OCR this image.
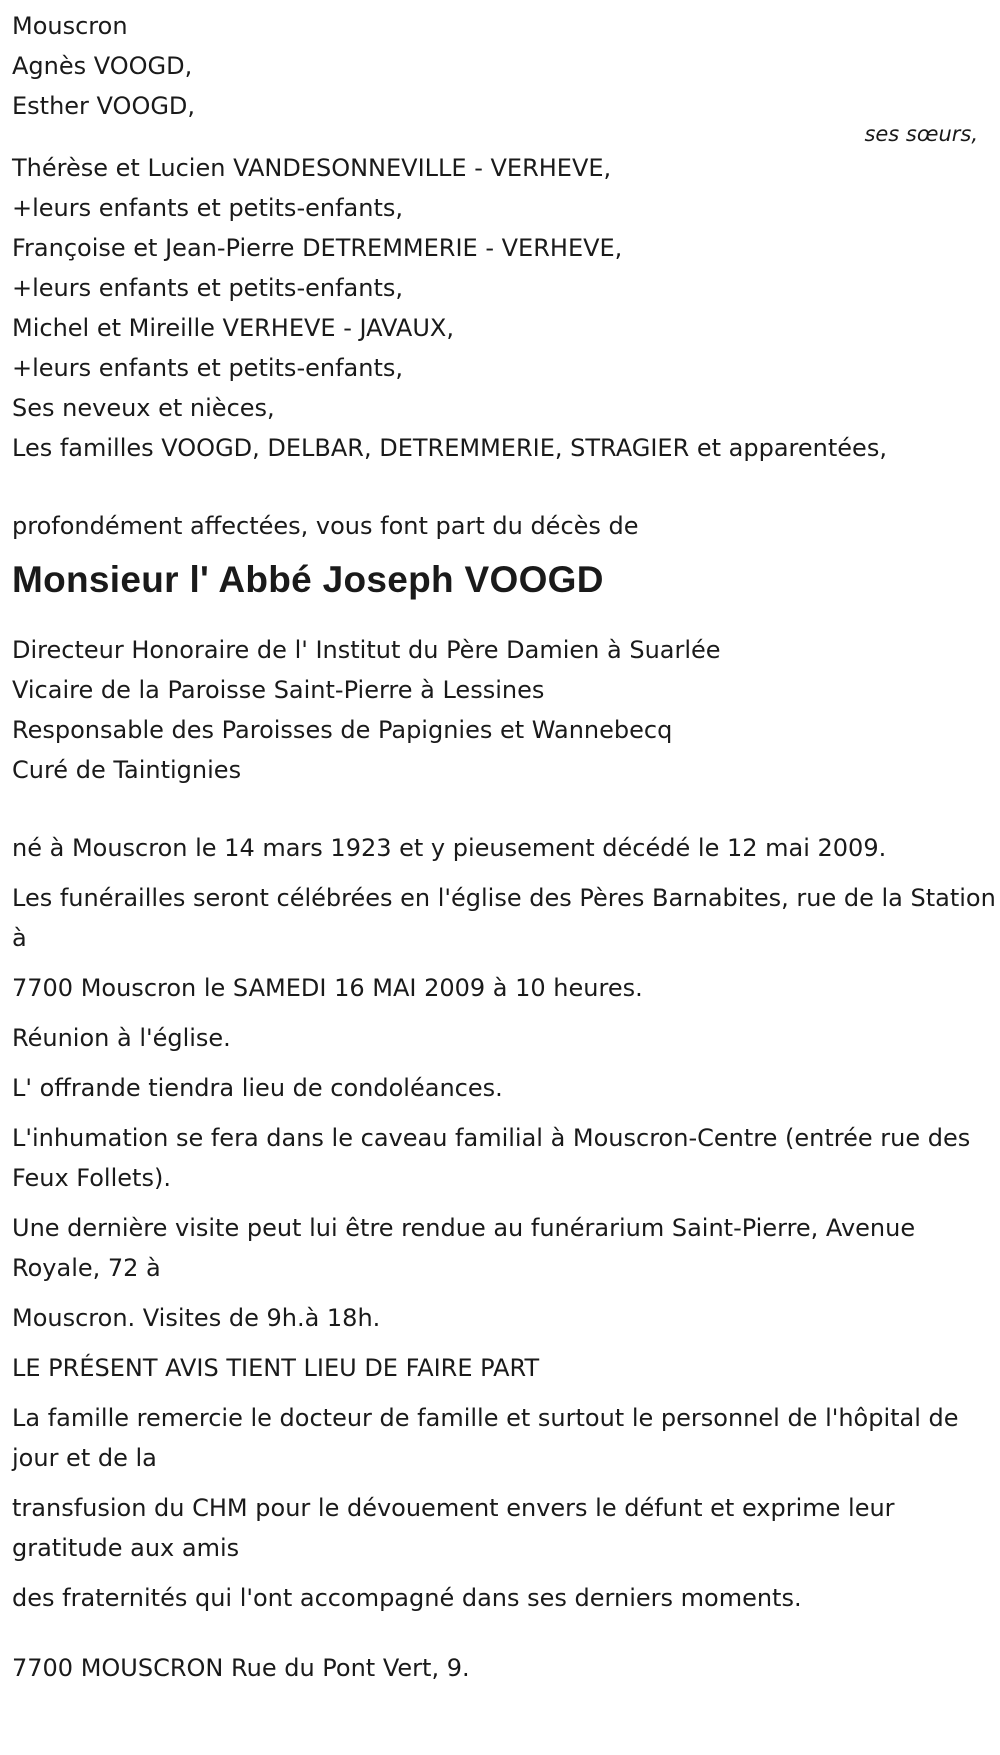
Mouscron
Agnès VOOGD,
Esther VOOGD,
ses sœurs,
Thérèse et Lucien VANDESONNEVILLE - VERHEVE,
+leurs enfants et petits-enfants,
Françoise et Jean-Pierre DETREMMERIE - VERHEVE,
+leurs enfants et petits-enfants,
Michel et Mireille VERHEVE - JAVAUX,
+leurs enfants et petits-enfants,
Ses neveux et nièces,
Les familles VOOGD, DELBAR, DETREMMERIE, STRAGIER et apparentées,
profondément affectées, vous font part du décès de
Monsieur l' Abbé Joseph VOOGD
Directeur Honoraire de l' Institut du Père Damien à Suarlée
Vicaire de la Paroisse Saint-Pierre à Lessines
Responsable des Paroisses de Papignies et Wannebecq
Curé de Taintignies
né à Mouscron le 14 mars 1923 et y pieusement décédé le 12 mai 2009.
Les funérailles seront célébrées en l'église des Pères Barnabites, rue de la Station à
7700 Mouscron le SAMEDI 16 MAI 2009 à 10 heures.
Réunion à l'église.
L' offrande tiendra lieu de condoléances.
L'inhumation se fera dans le caveau familial à Mouscron-Centre (entrée rue des Feux Follets).
Une dernière visite peut lui être rendue au funérarium Saint-Pierre, Avenue Royale, 72 à
Mouscron. Visites de 9h.à 18h.
LE PRÉSENT AVIS TIENT LIEU DE FAIRE PART
La famille remercie le docteur de famille et surtout le personnel de l'hôpital de jour et de la
transfusion du CHM pour le dévouement envers le défunt et exprime leur gratitude aux amis
des fraternités qui l'ont accompagné dans ses derniers moments.
7700 MOUSCRON Rue du Pont Vert, 9.
